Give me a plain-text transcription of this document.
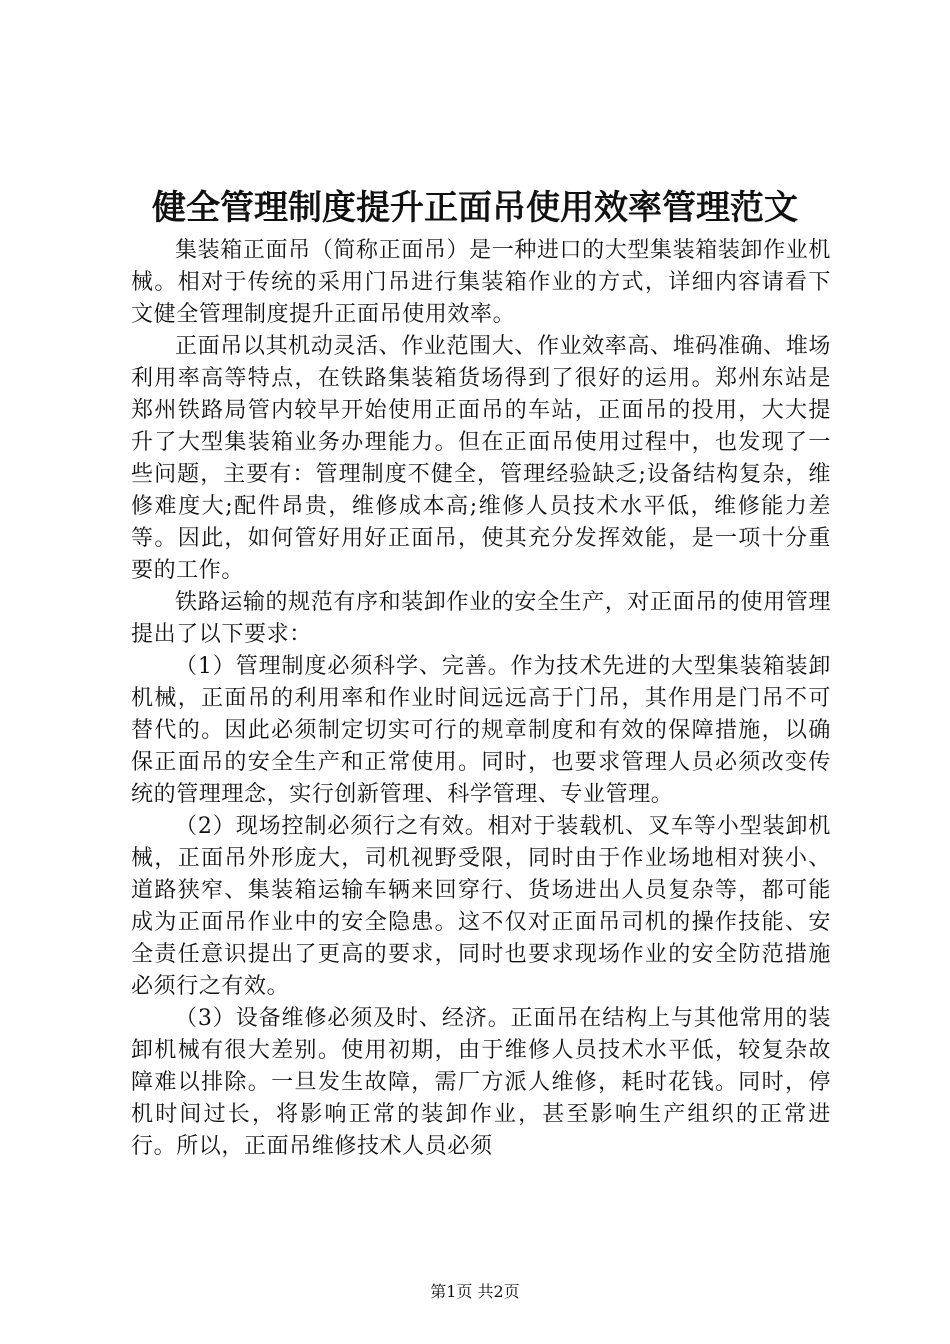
健全管理制度提升正面吊使用效率管理范文

集装箱正面吊（简称正面吊）是一种进口的大型集装箱装卸作业机械。相对于传统的采用门吊进行集装箱作业的方式，详细内容请看下文健全管理制度提升正面吊使用效率。

正面吊以其机动灵活、作业范围大、作业效率高、堆码准确、堆场利用率高等特点，在铁路集装箱货场得到了很好的运用。郑州东站是郑州铁路局管内较早开始使用正面吊的车站，正面吊的投用，大大提升了大型集装箱业务办理能力。但在正面吊使用过程中，也发现了一些问题，主要有：管理制度不健全，管理经验缺乏;设备结构复杂，维修难度大;配件昂贵，维修成本高;维修人员技术水平低，维修能力差等。因此，如何管好用好正面吊，使其充分发挥效能，是一项十分重要的工作。

铁路运输的规范有序和装卸作业的安全生产，对正面吊的使用管理提出了以下要求：

（1）管理制度必须科学、完善。作为技术先进的大型集装箱装卸机械，正面吊的利用率和作业时间远远高于门吊，其作用是门吊不可替代的。因此必须制定切实可行的规章制度和有效的保障措施，以确保正面吊的安全生产和正常使用。同时，也要求管理人员必须改变传统的管理理念，实行创新管理、科学管理、专业管理。

（2）现场控制必须行之有效。相对于装载机、叉车等小型装卸机械，正面吊外形庞大，司机视野受限，同时由于作业场地相对狭小、道路狭窄、集装箱运输车辆来回穿行、货场进出人员复杂等，都可能成为正面吊作业中的安全隐患。这不仅对正面吊司机的操作技能、安全责任意识提出了更高的要求，同时也要求现场作业的安全防范措施必须行之有效。

（3）设备维修必须及时、经济。正面吊在结构上与其他常用的装卸机械有很大差别。使用初期，由于维修人员技术水平低，较复杂故障难以排除。一旦发生故障，需厂方派人维修，耗时花钱。同时，停机时间过长，将影响正常的装卸作业，甚至影响生产组织的正常进行。所以，正面吊维修技术人员必须

第1页 共2页
